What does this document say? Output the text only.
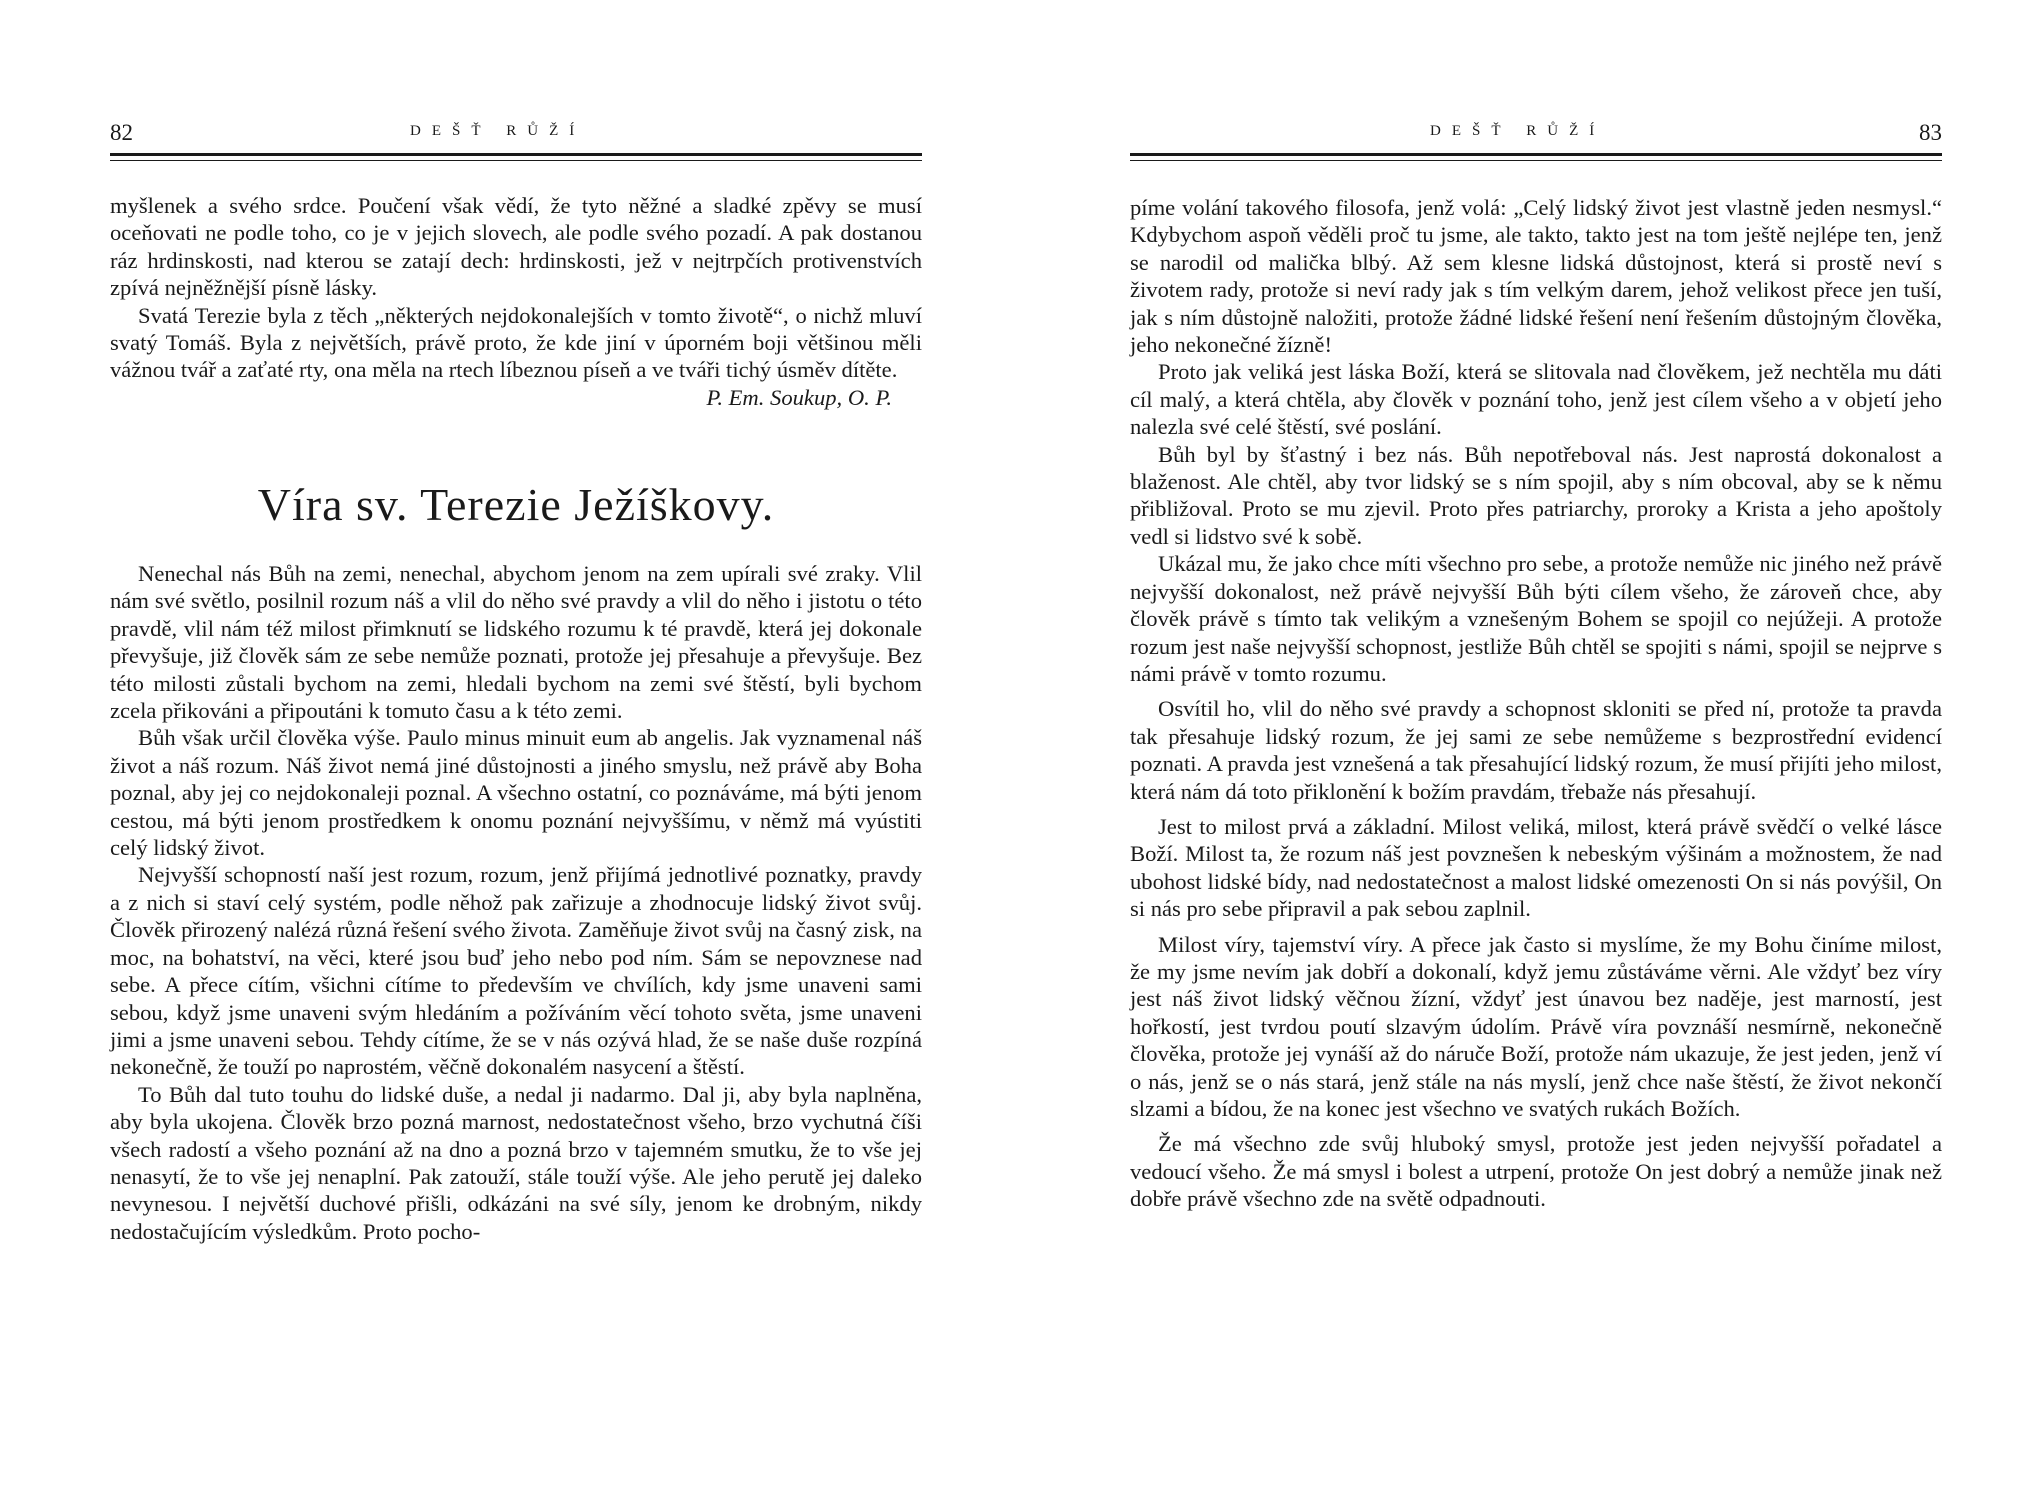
82	DEŠŤ RŮŽÍ

myšlenek a svého srdce. Poučení však vědí, že tyto něžné a sladké zpěvy se musí oceňovati ne podle toho, co je v jejich slovech, ale podle svého pozadí. A pak dostanou ráz hrdinskosti, nad kterou se zatají dech: hrdinskosti, jež v nejtrpčích protivenstvích zpívá nejněžnější písně lásky.

Svatá Terezie byla z těch „některých nejdokonalejších v tomto životě“, o nichž mluví svatý Tomáš. Byla z největších, právě proto, že kde jiní v úporném boji většinou měli vážnou tvář a zaťaté rty, ona měla na rtech líbeznou píseň a ve tváři tichý úsměv dítěte.

P. Em. Soukup, O. P.
Víra sv. Terezie Ježíškovy.

Nenechal nás Bůh na zemi, nenechal, abychom jenom na zem upírali své zraky. Vlil nám své světlo, posilnil rozum náš a vlil do něho své pravdy a vlil do něho i jistotu o této pravdě, vlil nám též milost přimknutí se lidského rozumu k té pravdě, která jej dokonale převyšuje, již člověk sám ze sebe nemůže poznati, protože jej přesahuje a převyšuje. Bez této milosti zůstali bychom na zemi, hledali bychom na zemi své štěstí, byli bychom zcela přikováni a připoutáni k tomuto času a k této zemi.

Bůh však určil člověka výše. Paulo minus minuit eum ab angelis. Jak vyznamenal náš život a náš rozum. Náš život nemá jiné důstojnosti a jiného smyslu, než právě aby Boha poznal, aby jej co nejdokonaleji poznal. A všechno ostatní, co poznáváme, má býti jenom cestou, má býti jenom prostředkem k onomu poznání nejvyššímu, v němž má vyústiti celý lidský život.

Nejvyšší schopností naší jest rozum, rozum, jenž přijímá jednotlivé poznatky, pravdy a z nich si staví celý systém, podle něhož pak zařizuje a zhodnocuje lidský život svůj. Člověk přirozený nalézá různá řešení svého života. Zaměňuje život svůj na časný zisk, na moc, na bohatství, na věci, které jsou buď jeho nebo pod ním. Sám se nepovznese nad sebe. A přece cítím, všichni cítíme to především ve chvílích, kdy jsme unaveni sami sebou, když jsme unaveni svým hledáním a požíváním věcí tohoto světa, jsme unaveni jimi a jsme unaveni sebou. Tehdy cítíme, že se v nás ozývá hlad, že se naše duše rozpíná nekonečně, že touží po naprostém, věčně dokonalém nasycení a štěstí.

To Bůh dal tuto touhu do lidské duše, a nedal ji nadarmo. Dal ji, aby byla naplněna, aby byla ukojena. Člověk brzo pozná marnost, nedostatečnost všeho, brzo vychutná číši všech radostí a všeho poznání až na dno a pozná brzo v tajemném smutku, že to vše jej nenasytí, že to vše jej nenaplní. Pak zatouží, stále touží výše. Ale jeho perutě jej daleko nevynesou. I největší duchové přišli, odkázáni na své síly, jenom ke drobným, nikdy nedostačujícím výsledkům. Proto pocho-

DEŠŤ RŮŽÍ	83

píme volání takového filosofa, jenž volá: „Celý lidský život jest vlastně jeden nesmysl.“ Kdybychom aspoň věděli proč tu jsme, ale takto, takto jest na tom ještě nejlépe ten, jenž se narodil od malička blbý. Až sem klesne lidská důstojnost, která si prostě neví s životem rady, protože si neví rady jak s tím velkým darem, jehož velikost přece jen tuší, jak s ním důstojně naložiti, protože žádné lidské řešení není řešením důstojným člověka, jeho nekonečné žízně!

Proto jak veliká jest láska Boží, která se slitovala nad člověkem, jež nechtěla mu dáti cíl malý, a která chtěla, aby člověk v poznání toho, jenž jest cílem všeho a v objetí jeho nalezla své celé štěstí, své poslání.

Bůh byl by šťastný i bez nás. Bůh nepotřeboval nás. Jest naprostá dokonalost a blaženost. Ale chtěl, aby tvor lidský se s ním spojil, aby s ním obcoval, aby se k němu přibližoval. Proto se mu zjevil. Proto přes patriarchy, proroky a Krista a jeho apoštoly vedl si lidstvo své k sobě.

Ukázal mu, že jako chce míti všechno pro sebe, a protože nemůže nic jiného než právě nejvyšší dokonalost, než právě nejvyšší Bůh býti cílem všeho, že zároveň chce, aby člověk právě s tímto tak velikým a vznešeným Bohem se spojil co nejúžeji. A protože rozum jest naše nejvyšší schopnost, jestliže Bůh chtěl se spojiti s námi, spojil se nejprve s námi právě v tomto rozumu.

Osvítil ho, vlil do něho své pravdy a schopnost skloniti se před ní, protože ta pravda tak přesahuje lidský rozum, že jej sami ze sebe nemůžeme s bezprostřední evidencí poznati. A pravda jest vznešená a tak přesahující lidský rozum, že musí přijíti jeho milost, která nám dá toto přiklonění k božím pravdám, třebaže nás přesahují.

Jest to milost prvá a základní. Milost veliká, milost, která právě svědčí o velké lásce Boží. Milost ta, že rozum náš jest povznešen k nebeským výšinám a možnostem, že nad ubohost lidské bídy, nad nedostatečnost a malost lidské omezenosti On si nás povýšil, On si nás pro sebe připravil a pak sebou zaplnil.

Milost víry, tajemství víry. A přece jak často si myslíme, že my Bohu činíme milost, že my jsme nevím jak dobří a dokonalí, když jemu zůstáváme věrni. Ale vždyť bez víry jest náš život lidský věčnou žízní, vždyť jest únavou bez naděje, jest marností, jest hořkostí, jest tvrdou poutí slzavým údolím. Právě víra povznáší nesmírně, nekonečně člověka, protože jej vynáší až do náruče Boží, protože nám ukazuje, že jest jeden, jenž ví o nás, jenž se o nás stará, jenž stále na nás myslí, jenž chce naše štěstí, že život nekončí slzami a bídou, že na konec jest všechno ve svatých rukách Božích.

Že má všechno zde svůj hluboký smysl, protože jest jeden nejvyšší pořadatel a vedoucí všeho. Že má smysl i bolest a utrpení, protože On jest dobrý a nemůže jinak než dobře právě všechno zde na světě odpadnouti.
